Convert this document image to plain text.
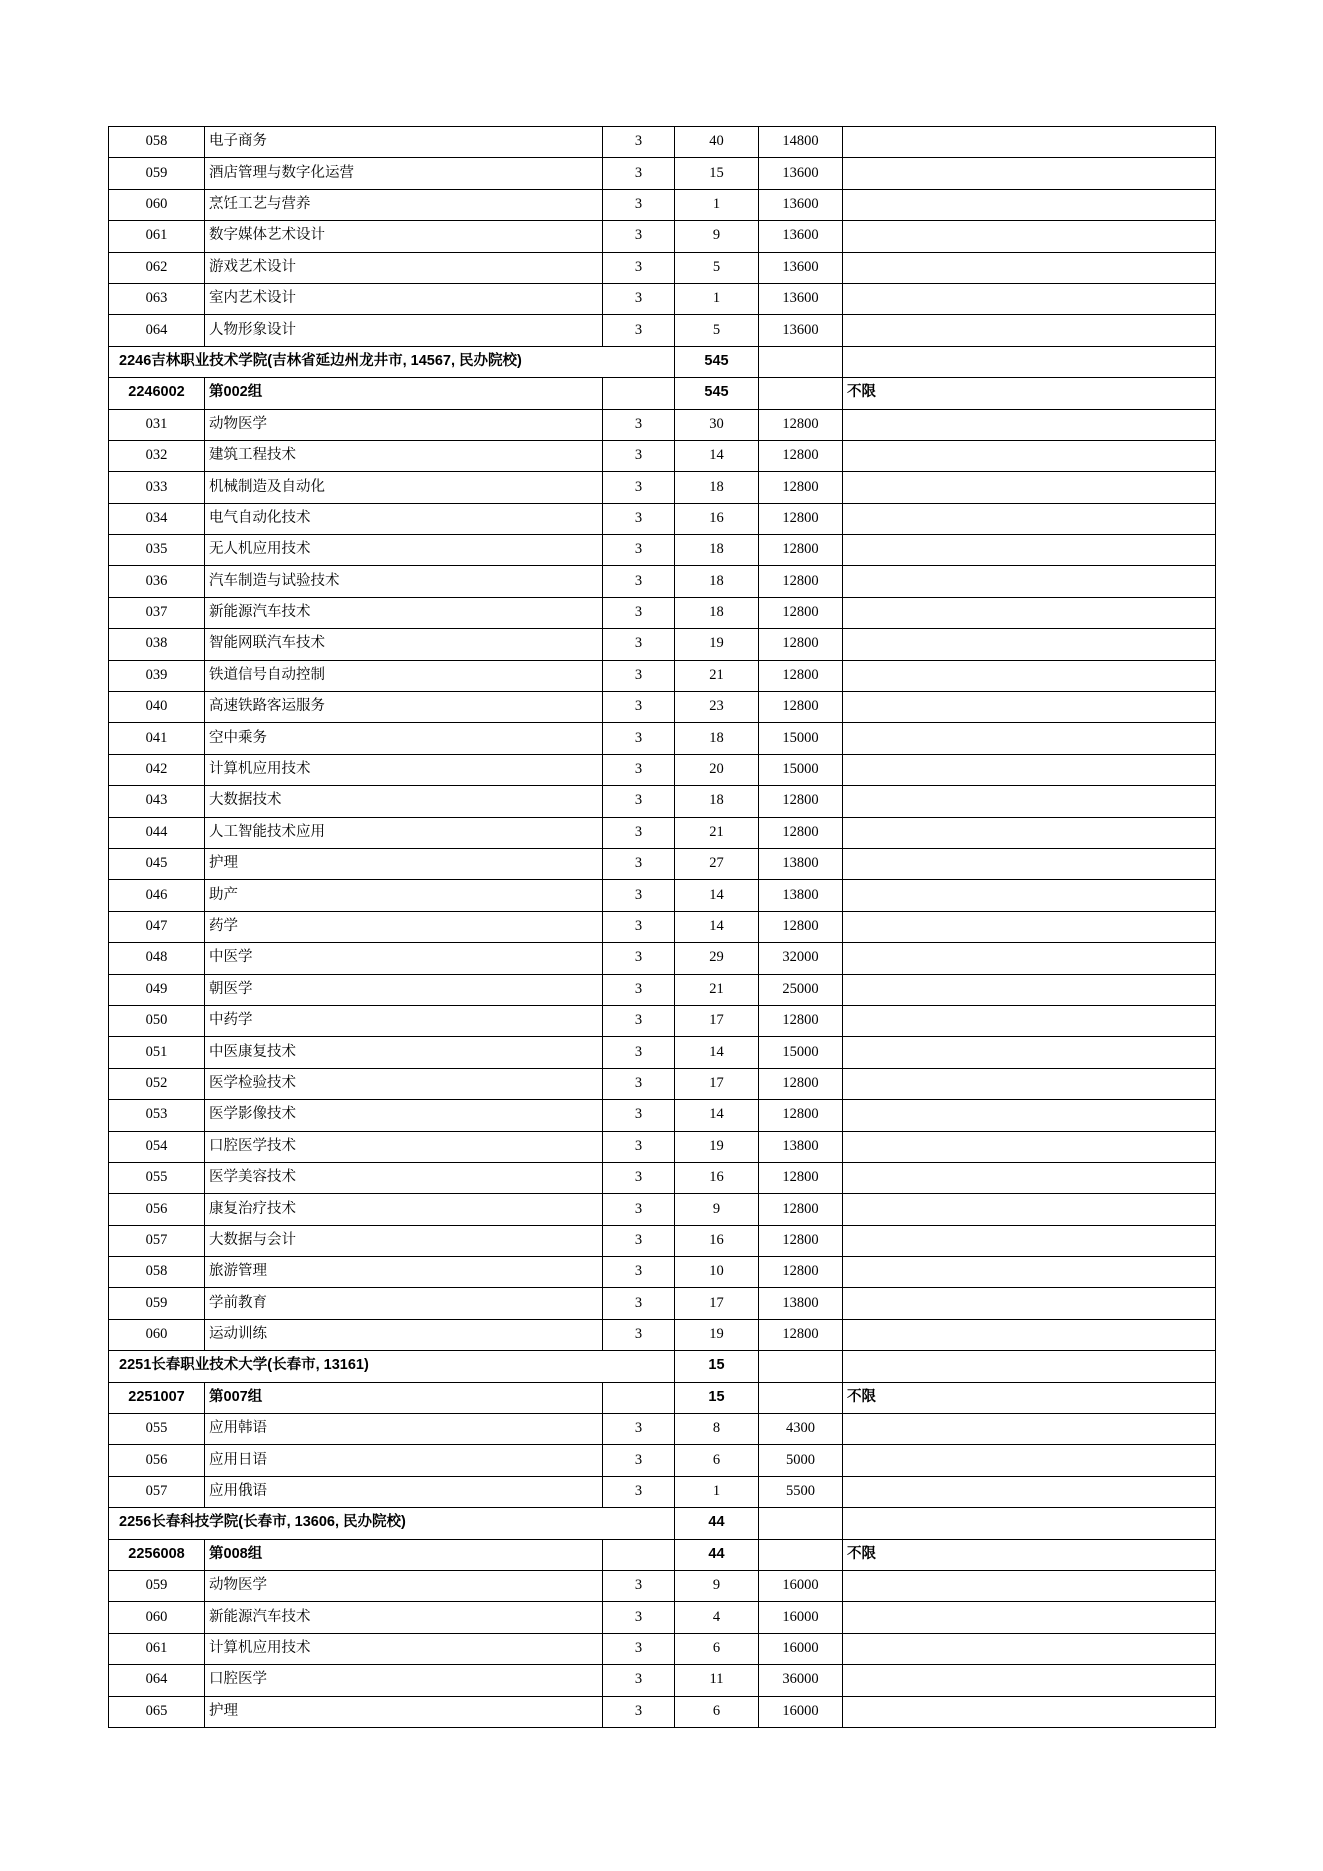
058	电子商务	3	40	14800	
059	酒店管理与数字化运营	3	15	13600	
060	烹饪工艺与营养	3	1	13600	
061	数字媒体艺术设计	3	9	13600	
062	游戏艺术设计	3	5	13600	
063	室内艺术设计	3	1	13600	
064	人物形象设计	3	5	13600	
2246吉林职业技术学院(吉林省延边州龙井市, 14567, 民办院校)			545		
2246002	第002组		545		不限
031	动物医学	3	30	12800	
032	建筑工程技术	3	14	12800	
033	机械制造及自动化	3	18	12800	
034	电气自动化技术	3	16	12800	
035	无人机应用技术	3	18	12800	
036	汽车制造与试验技术	3	18	12800	
037	新能源汽车技术	3	18	12800	
038	智能网联汽车技术	3	19	12800	
039	铁道信号自动控制	3	21	12800	
040	高速铁路客运服务	3	23	12800	
041	空中乘务	3	18	15000	
042	计算机应用技术	3	20	15000	
043	大数据技术	3	18	12800	
044	人工智能技术应用	3	21	12800	
045	护理	3	27	13800	
046	助产	3	14	13800	
047	药学	3	14	12800	
048	中医学	3	29	32000	
049	朝医学	3	21	25000	
050	中药学	3	17	12800	
051	中医康复技术	3	14	15000	
052	医学检验技术	3	17	12800	
053	医学影像技术	3	14	12800	
054	口腔医学技术	3	19	13800	
055	医学美容技术	3	16	12800	
056	康复治疗技术	3	9	12800	
057	大数据与会计	3	16	12800	
058	旅游管理	3	10	12800	
059	学前教育	3	17	13800	
060	运动训练	3	19	12800	
2251长春职业技术大学(长春市, 13161)			15		
2251007	第007组		15		不限
055	应用韩语	3	8	4300	
056	应用日语	3	6	5000	
057	应用俄语	3	1	5500	
2256长春科技学院(长春市, 13606, 民办院校)			44		
2256008	第008组		44		不限
059	动物医学	3	9	16000	
060	新能源汽车技术	3	4	16000	
061	计算机应用技术	3	6	16000	
064	口腔医学	3	11	36000	
065	护理	3	6	16000	
